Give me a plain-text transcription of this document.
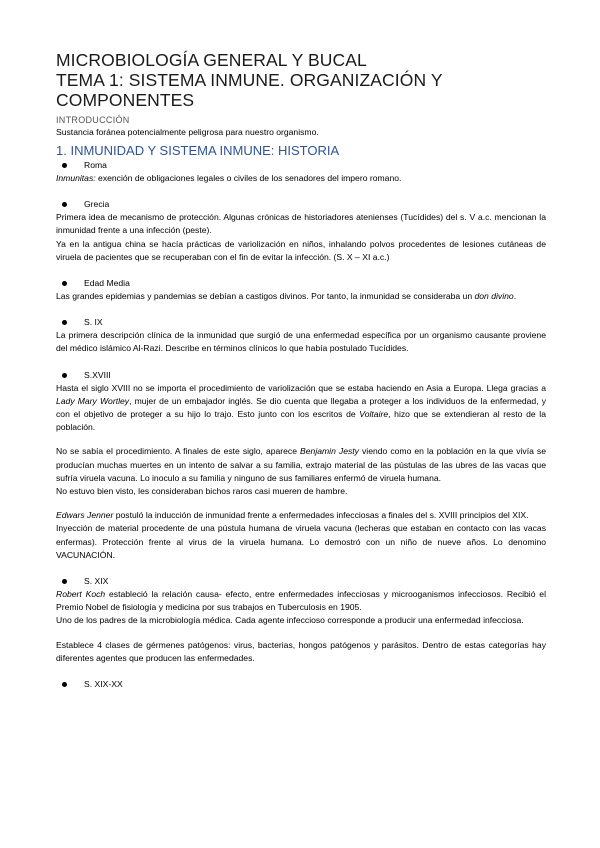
MICROBIOLOGÍA GENERAL Y BUCAL
TEMA 1: SISTEMA INMUNE. ORGANIZACIÓN Y
COMPONENTES
INTRODUCCIÓN
Sustancia foránea potencialmente peligrosa para nuestro organismo.
1. INMUNIDAD Y SISTEMA INMUNE: HISTORIA
Roma

Inmunitas: exención de obligaciones legales o civiles de los senadores del impero romano.

Grecia

Primera idea de mecanismo de protección. Algunas crónicas de historiadores atenienses (Tucídides) del s. V a.c. mencionan la inmunidad frente a una infección (peste).

Ya en la antigua china se hacía prácticas de variolización en niños, inhalando polvos procedentes de lesiones cutáneas de viruela de pacientes que se recuperaban con el fin de evitar la infección. (S. X – XI a.c.)

Edad Media

Las grandes epidemias y pandemias se debían a castigos divinos. Por tanto, la inmunidad se consideraba un don divino.

S. IX

La primera descripción clínica de la inmunidad que surgió de una enfermedad específica por un organismo causante proviene del médico islámico Al-Razi. Describe en términos clínicos lo que había postulado Tucídides.

S.XVIII

Hasta el siglo XVIII no se importa el procedimiento de variolización que se estaba haciendo en Asia a Europa. Llega gracias a Lady Mary Wortley, mujer de un embajador inglés. Se dio cuenta que llegaba a proteger a los individuos de la enfermedad, y con el objetivo de proteger a su hijo lo trajo. Esto junto con los escritos de Voltaire, hizo que se extendieran al resto de la población.

No se sabía el procedimiento. A finales de este siglo, aparece Benjamin Jesty viendo como en la población en la que vivía se producían muchas muertes en un intento de salvar a su familia, extrajo material de las pústulas de las ubres de las vacas que sufría viruela vacuna. Lo inoculo a su familia y ninguno de sus familiares enfermó de viruela humana.

No estuvo bien visto, les consideraban bichos raros casi mueren de hambre.

Edwars Jenner postuló la inducción de inmunidad frente a enfermedades infecciosas a finales del s. XVIII principios del XIX.

Inyección de material procedente de una pústula humana de viruela vacuna (lecheras que estaban en contacto con las vacas enfermas). Protección frente al virus de la viruela humana. Lo demostró con un niño de nueve años. Lo denomino VACUNACIÓN.

S. XIX

Robert Koch estableció la relación causa- efecto, entre enfermedades infecciosas y microoganismos infecciosos. Recibió el Premio Nobel de fisiología y medicina por sus trabajos en Tuberculosis en 1905.

Uno de los padres de la microbiología médica. Cada agente infeccioso corresponde a producir una enfermedad infecciosa.

Establece 4 clases de gérmenes patógenos: virus, bacterias, hongos patógenos y parásitos. Dentro de estas categorías hay diferentes agentes que producen las enfermedades.

S. XIX-XX
